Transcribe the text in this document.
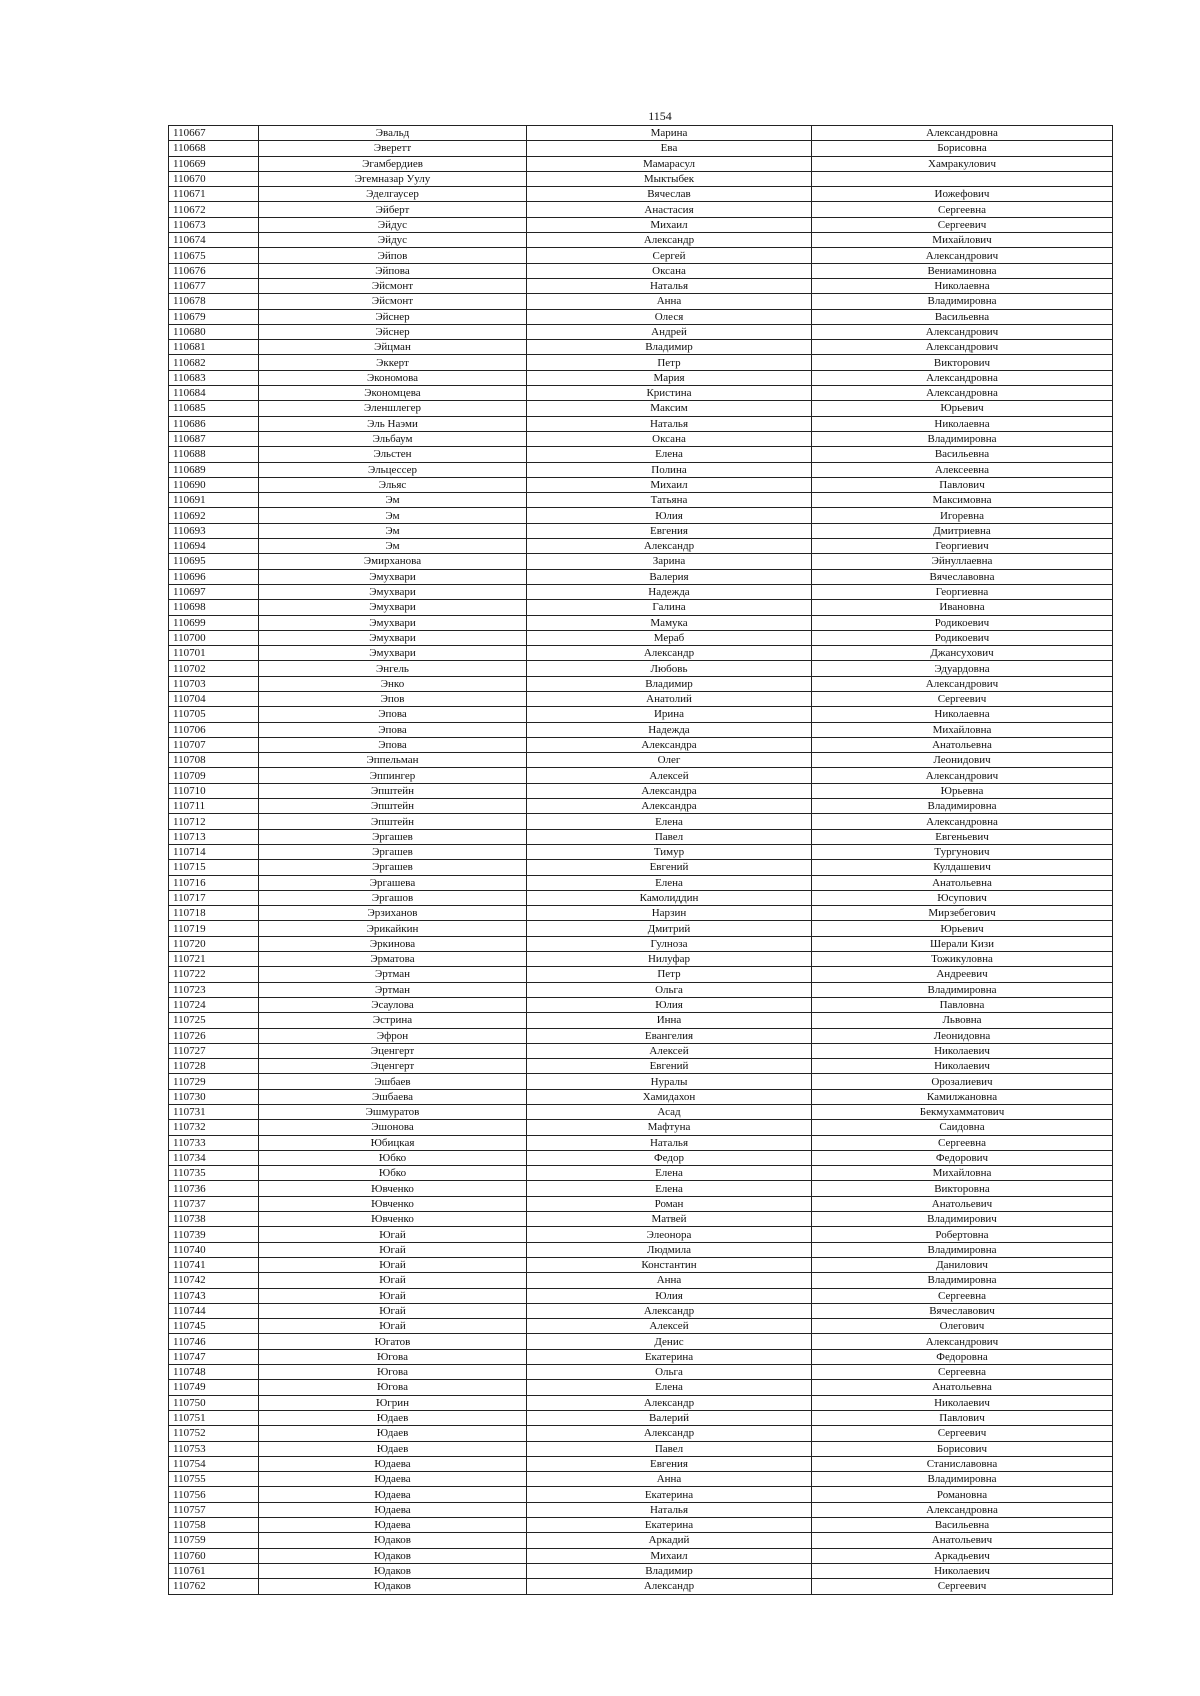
1154
110667	Эвальд	Марина	Александровна
110668	Эверетт	Ева	Борисовна
110669	Эгамбердиев	Мамарасул	Хамракулович
110670	Эгемназар Уулу	Мыктыбек	
110671	Эделгаусер	Вячеслав	Иожефович
110672	Эйберт	Анастасия	Сергеевна
110673	Эйдус	Михаил	Сергеевич
110674	Эйдус	Александр	Михайлович
110675	Эйпов	Сергей	Александрович
110676	Эйпова	Оксана	Вениаминовна
110677	Эйсмонт	Наталья	Николаевна
110678	Эйсмонт	Анна	Владимировна
110679	Эйснер	Олеся	Васильевна
110680	Эйснер	Андрей	Александрович
110681	Эйцман	Владимир	Александрович
110682	Эккерт	Петр	Викторович
110683	Экономова	Мария	Александровна
110684	Экономцева	Кристина	Александровна
110685	Эленшлегер	Максим	Юрьевич
110686	Эль Наэми	Наталья	Николаевна
110687	Эльбаум	Оксана	Владимировна
110688	Эльстен	Елена	Васильевна
110689	Эльцессер	Полина	Алексеевна
110690	Эльяс	Михаил	Павлович
110691	Эм	Татьяна	Максимовна
110692	Эм	Юлия	Игоревна
110693	Эм	Евгения	Дмитриевна
110694	Эм	Александр	Георгиевич
110695	Эмирханова	Зарина	Эйнуллаевна
110696	Эмухвари	Валерия	Вячеславовна
110697	Эмухвари	Надежда	Георгиевна
110698	Эмухвари	Галина	Ивановна
110699	Эмухвари	Мамука	Родикоевич
110700	Эмухвари	Мераб	Родикоевич
110701	Эмухвари	Александр	Джансухович
110702	Энгель	Любовь	Эдуардовна
110703	Энко	Владимир	Александрович
110704	Эпов	Анатолий	Сергеевич
110705	Эпова	Ирина	Николаевна
110706	Эпова	Надежда	Михайловна
110707	Эпова	Александра	Анатольевна
110708	Эппельман	Олег	Леонидович
110709	Эппингер	Алексей	Александрович
110710	Эпштейн	Александра	Юрьевна
110711	Эпштейн	Александра	Владимировна
110712	Эпштейн	Елена	Александровна
110713	Эргашев	Павел	Евгеньевич
110714	Эргашев	Тимур	Тургунович
110715	Эргашев	Евгений	Кулдашевич
110716	Эргашева	Елена	Анатольевна
110717	Эргашов	Камолиддин	Юсупович
110718	Эрзиханов	Нарзин	Мирзебегович
110719	Эрикайкин	Дмитрий	Юрьевич
110720	Эркинова	Гулноза	Шерали Кизи
110721	Эрматова	Нилуфар	Тожикуловна
110722	Эртман	Петр	Андреевич
110723	Эртман	Ольга	Владимировна
110724	Эсаулова	Юлия	Павловна
110725	Эстрина	Инна	Львовна
110726	Эфрон	Евангелия	Леонидовна
110727	Эценгерт	Алексей	Николаевич
110728	Эценгерт	Евгений	Николаевич
110729	Эшбаев	Нуралы	Орозалиевич
110730	Эшбаева	Хамидахон	Камилжановна
110731	Эшмуратов	Асад	Бекмухамматович
110732	Эшонова	Мафтуна	Саидовна
110733	Юбицкая	Наталья	Сергеевна
110734	Юбко	Федор	Федорович
110735	Юбко	Елена	Михайловна
110736	Ювченко	Елена	Викторовна
110737	Ювченко	Роман	Анатольевич
110738	Ювченко	Матвей	Владимирович
110739	Югай	Элеонора	Робертовна
110740	Югай	Людмила	Владимировна
110741	Югай	Константин	Данилович
110742	Югай	Анна	Владимировна
110743	Югай	Юлия	Сергеевна
110744	Югай	Александр	Вячеславович
110745	Югай	Алексей	Олегович
110746	Югатов	Денис	Александрович
110747	Югова	Екатерина	Федоровна
110748	Югова	Ольга	Сергеевна
110749	Югова	Елена	Анатольевна
110750	Югрин	Александр	Николаевич
110751	Юдаев	Валерий	Павлович
110752	Юдаев	Александр	Сергеевич
110753	Юдаев	Павел	Борисович
110754	Юдаева	Евгения	Станиславовна
110755	Юдаева	Анна	Владимировна
110756	Юдаева	Екатерина	Романовна
110757	Юдаева	Наталья	Александровна
110758	Юдаева	Екатерина	Васильевна
110759	Юдаков	Аркадий	Анатольевич
110760	Юдаков	Михаил	Аркадьевич
110761	Юдаков	Владимир	Николаевич
110762	Юдаков	Александр	Сергеевич
